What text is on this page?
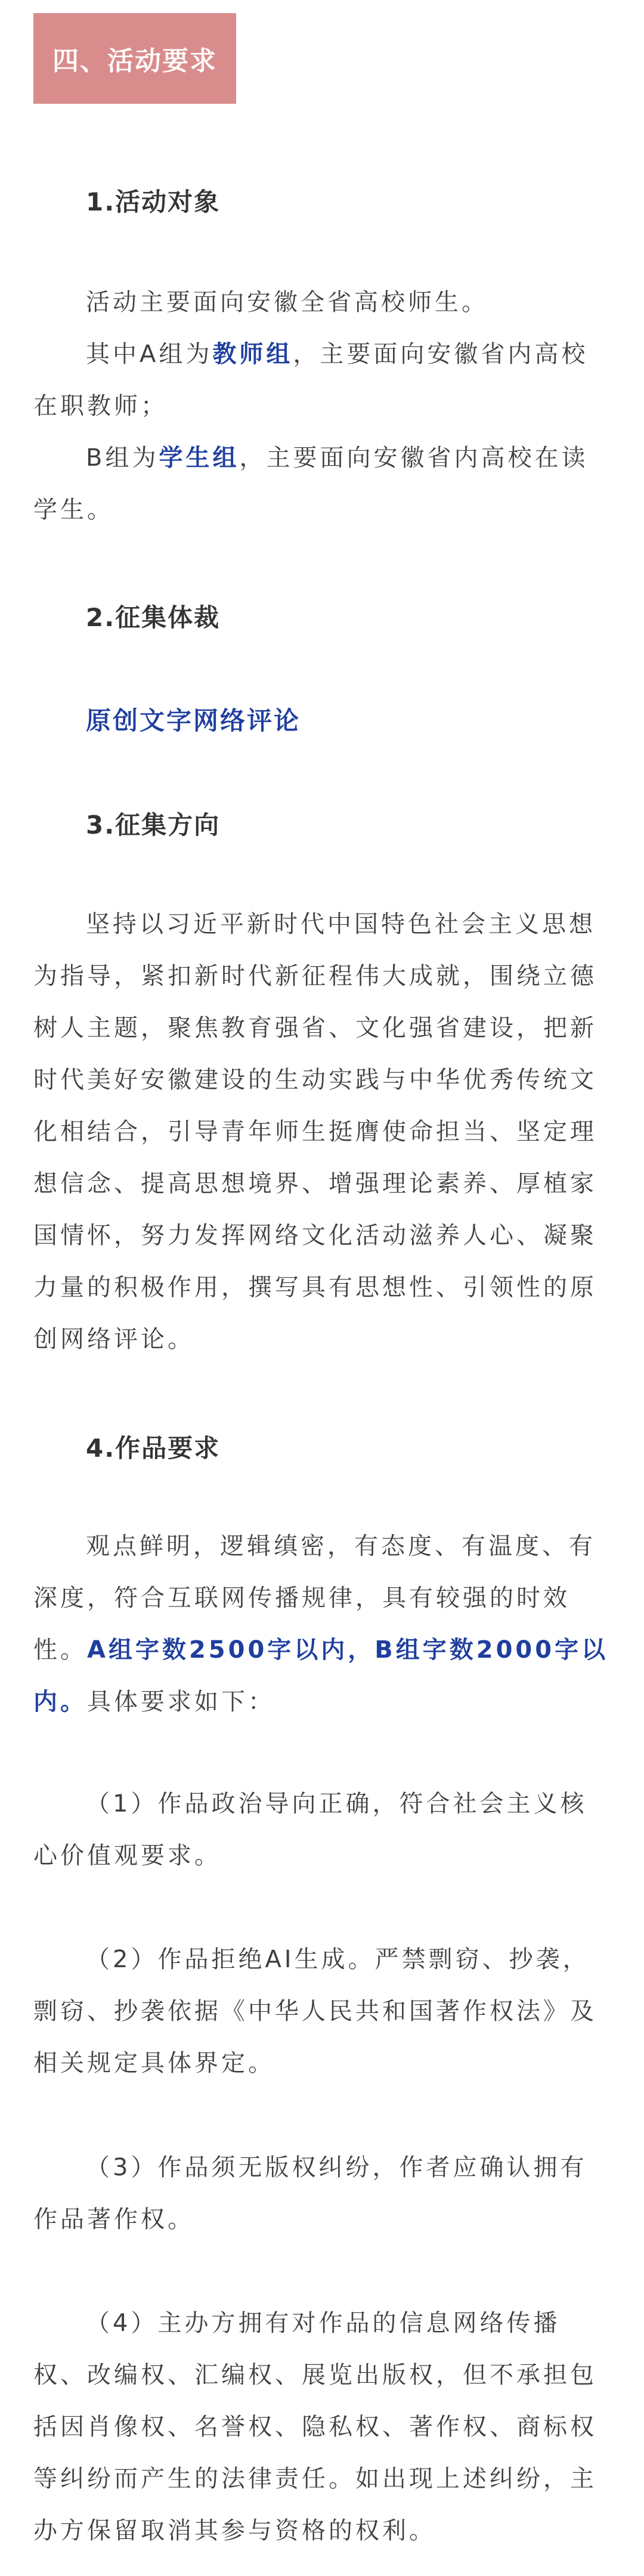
四、活动要求
1.活动对象
活动主要面向安徽全省高校师生。
其中A组为教师组，主要面向安徽省内高校
在职教师；
B组为学生组，主要面向安徽省内高校在读
学生。
2.征集体裁
原创文字网络评论
3.征集方向
坚持以习近平新时代中国特色社会主义思想
为指导，紧扣新时代新征程伟大成就，围绕立德
树人主题，聚焦教育强省、文化强省建设，把新
时代美好安徽建设的生动实践与中华优秀传统文
化相结合，引导青年师生挺膺使命担当、坚定理
想信念、提高思想境界、增强理论素养、厚植家
国情怀，努力发挥网络文化活动滋养人心、凝聚
力量的积极作用，撰写具有思想性、引领性的原
创网络评论。
4.作品要求
观点鲜明，逻辑缜密，有态度、有温度、有
深度，符合互联网传播规律，具有较强的时效
性。A组字数2500字以内，B组字数2000字以
内。具体要求如下：
（1）作品政治导向正确，符合社会主义核
心价值观要求。
（2）作品拒绝AI生成。严禁剽窃、抄袭，
剽窃、抄袭依据《中华人民共和国著作权法》及
相关规定具体界定。
（3）作品须无版权纠纷，作者应确认拥有
作品著作权。
（4）主办方拥有对作品的信息网络传播
权、改编权、汇编权、展览出版权，但不承担包
括因肖像权、名誉权、隐私权、著作权、商标权
等纠纷而产生的法律责任。如出现上述纠纷，主
办方保留取消其参与资格的权利。
